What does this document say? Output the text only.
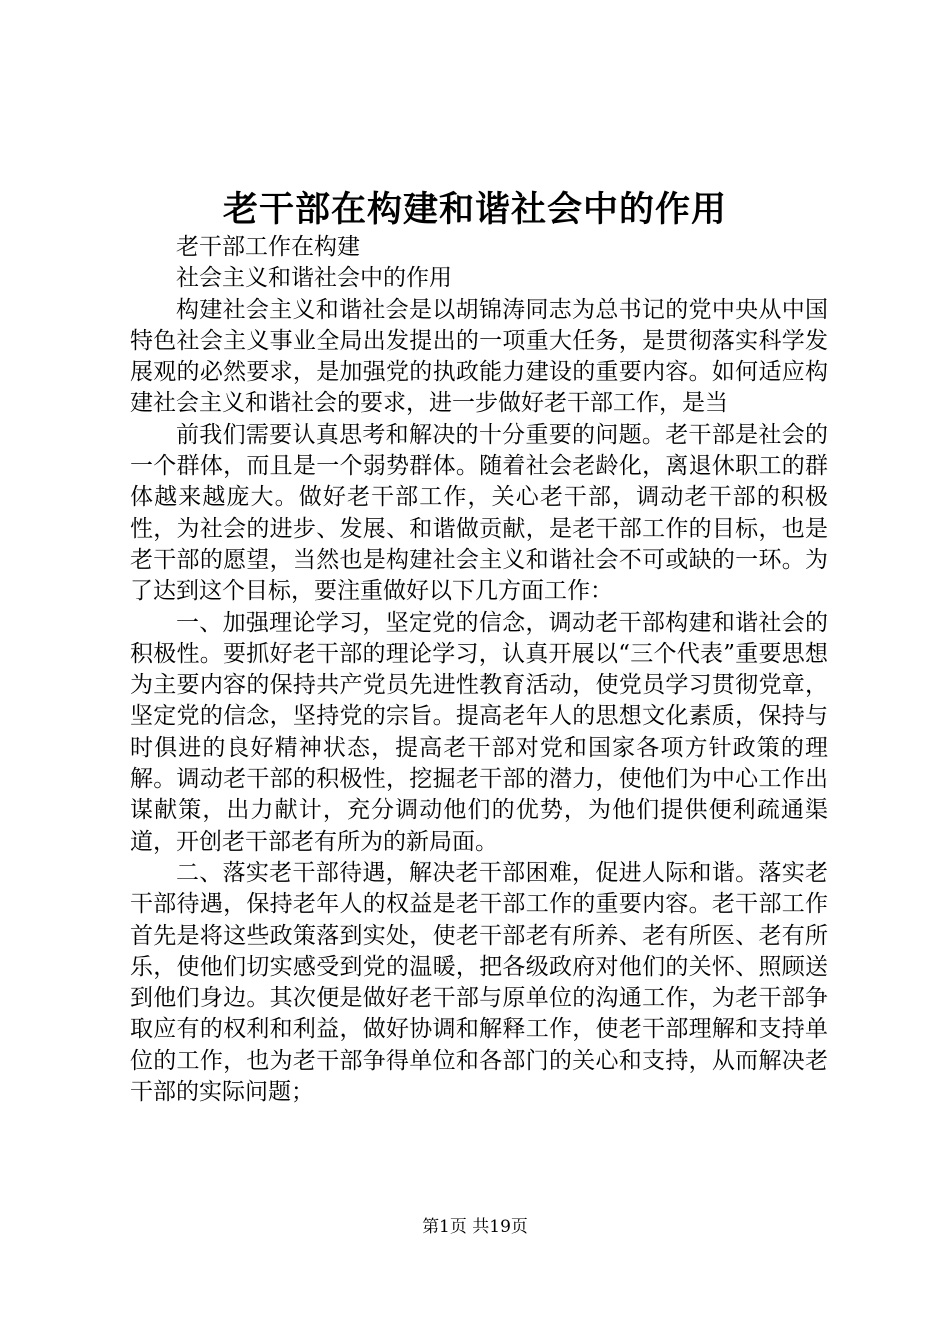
老干部在构建和谐社会中的作用

老干部工作在构建

社会主义和谐社会中的作用

构建社会主义和谐社会是以胡锦涛同志为总书记的党中央从中国特色社会主义事业全局出发提出的一项重大任务，是贯彻落实科学发展观的必然要求，是加强党的执政能力建设的重要内容。如何适应构建社会主义和谐社会的要求，进一步做好老干部工作，是当

前我们需要认真思考和解决的十分重要的问题。老干部是社会的一个群体，而且是一个弱势群体。随着社会老龄化，离退休职工的群体越来越庞大。做好老干部工作，关心老干部，调动老干部的积极性，为社会的进步、发展、和谐做贡献，是老干部工作的目标，也是老干部的愿望，当然也是构建社会主义和谐社会不可或缺的一环。为了达到这个目标，要注重做好以下几方面工作：

一、加强理论学习，坚定党的信念，调动老干部构建和谐社会的积极性。要抓好老干部的理论学习，认真开展以“三个代表”重要思想为主要内容的保持共产党员先进性教育活动，使党员学习贯彻党章，坚定党的信念，坚持党的宗旨。提高老年人的思想文化素质，保持与时俱进的良好精神状态，提高老干部对党和国家各项方针政策的理解。调动老干部的积极性，挖掘老干部的潜力，使他们为中心工作出谋献策，出力献计，充分调动他们的优势，为他们提供便利疏通渠道，开创老干部老有所为的新局面。

二、落实老干部待遇，解决老干部困难，促进人际和谐。落实老干部待遇，保持老年人的权益是老干部工作的重要内容。老干部工作首先是将这些政策落到实处，使老干部老有所养、老有所医、老有所乐，使他们切实感受到党的温暖，把各级政府对他们的关怀、照顾送到他们身边。其次便是做好老干部与原单位的沟通工作，为老干部争取应有的权利和利益，做好协调和解释工作，使老干部理解和支持单位的工作，也为老干部争得单位和各部门的关心和支持，从而解决老干部的实际问题；

第1页 共19页
